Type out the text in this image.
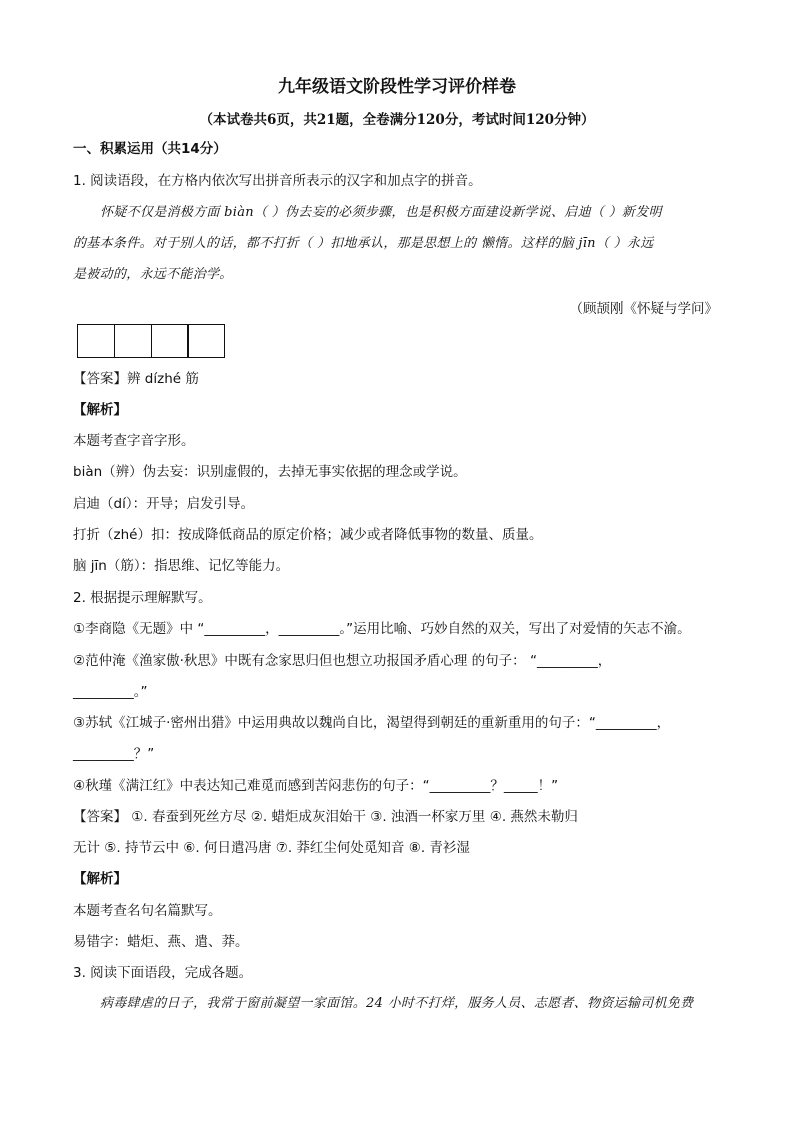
九年级语文阶段性学习评价样卷
（本试卷共6页，共21题，全卷满分120分，考试时间120分钟）
一、积累运用（共14分）
1. 阅读语段，在方格内依次写出拼音所表示的汉字和加点字的拼音。
怀疑不仅是消极方面 biàn（ ）伪去妄的必须步骤，也是积极方面建设新学说、启迪（ ）新发明
的基本条件。对于别人的话，都不打折（ ）扣地承认，那是思想上的 懒惰。这样的脑 jīn（ ）永远
是被动的，永远不能治学。
（顾颉刚《怀疑与学问》
【答案】辨 dízhé 筋
【解析】
本题考查字音字形。
biàn（辨）伪去妄：识别虚假的，去掉无事实依据的理念或学说。
启迪（dí）：开导；启发引导。
打折（zhé）扣：按成降低商品的原定价格；减少或者降低事物的数量、质量。
脑 jīn（筋）：指思维、记忆等能力。
2. 根据提示理解默写。
①李商隐《无题》中 “_________，_________。”运用比喻、巧妙自然的双关，写出了对爱情的矢志不渝。
②范仲淹《渔家傲·秋思》中既有念家思归但也想立功报国矛盾心理 的句子： “_________，
_________。”
③苏轼《江城子·密州出猎》中运用典故以魏尚自比，渴望得到朝廷的重新重用的句子：“_________，
_________？”
④秋瑾《满江红》中表达知己难觅而感到苦闷悲伤的句子：“_________？_____！”
【答案】 ①. 春蚕到死丝方尽 ②. 蜡炬成灰泪始干 ③. 浊酒一杯家万里 ④. 燕然未勒归
无计 ⑤. 持节云中 ⑥. 何日遣冯唐 ⑦. 莽红尘何处觅知音 ⑧. 青衫湿
【解析】
本题考查名句名篇默写。
易错字：蜡炬、燕、遣、莽。
3. 阅读下面语段，完成各题。
病毒肆虐的日子，我常于窗前凝望一家面馆。24 小时不打烊，服务人员、志愿者、物资运输司机免费
